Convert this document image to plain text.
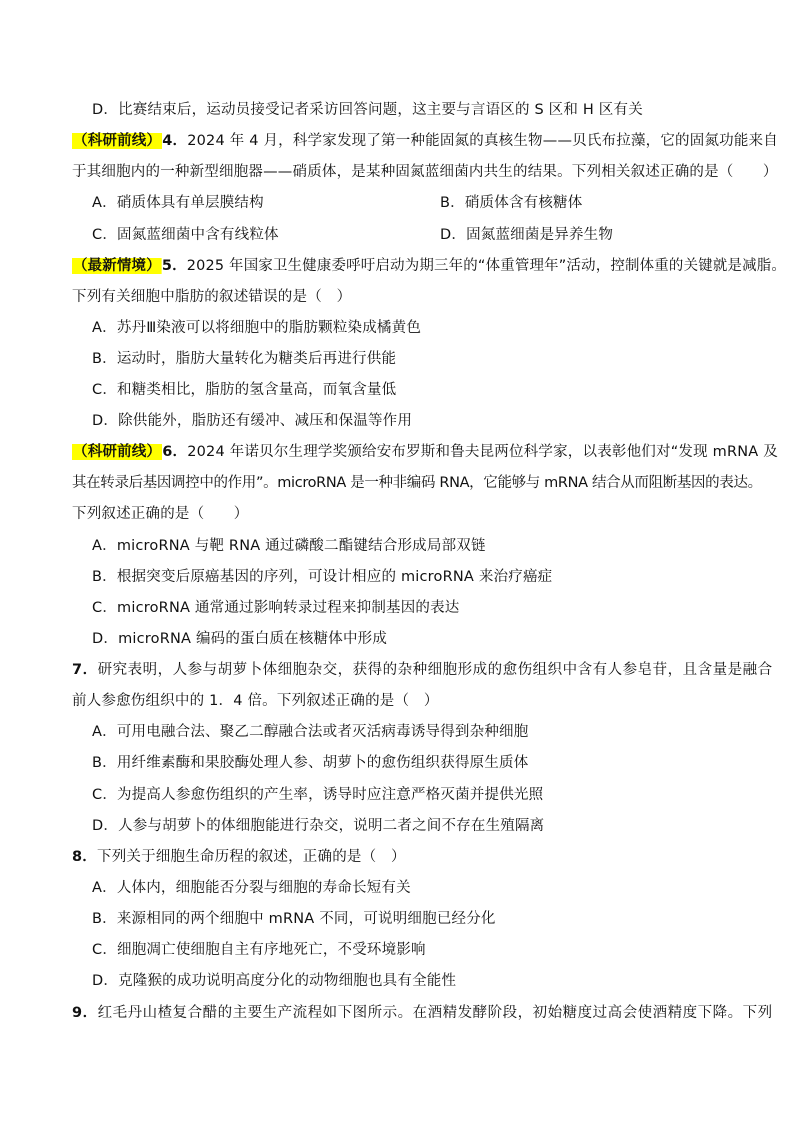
D．比赛结束后，运动员接受记者采访回答问题，这主要与言语区的 S 区和 H 区有关
（科研前线）4．2024 年 4 月，科学家发现了第一种能固氮的真核生物——贝氏布拉藻，它的固氮功能来自
于其细胞内的一种新型细胞器——硝质体，是某种固氮蓝细菌内共生的结果。下列相关叙述正确的是（　　）
A．硝质体具有单层膜结构	B．硝质体含有核糖体
C．固氮蓝细菌中含有线粒体	D．固氮蓝细菌是异养生物
（最新情境）5．2025 年国家卫生健康委呼吁启动为期三年的“体重管理年”活动，控制体重的关键就是减脂。
下列有关细胞中脂肪的叙述错误的是（　）
A．苏丹Ⅲ染液可以将细胞中的脂肪颗粒染成橘黄色
B．运动时，脂肪大量转化为糖类后再进行供能
C．和糖类相比，脂肪的氢含量高，而氧含量低
D．除供能外，脂肪还有缓冲、减压和保温等作用
（科研前线）6．2024 年诺贝尔生理学奖颁给安布罗斯和鲁夫昆两位科学家，以表彰他们对“发现 mRNA 及
其在转录后基因调控中的作用”。microRNA 是一种非编码 RNA，它能够与 mRNA 结合从而阻断基因的表达。
下列叙述正确的是（　　）
A．microRNA 与靶 RNA 通过磷酸二酯键结合形成局部双链
B．根据突变后原癌基因的序列，可设计相应的 microRNA 来治疗癌症
C．microRNA 通常通过影响转录过程来抑制基因的表达
D．microRNA 编码的蛋白质在核糖体中形成
7．研究表明，人参与胡萝卜体细胞杂交，获得的杂种细胞形成的愈伤组织中含有人参皂苷，且含量是融合
前人参愈伤组织中的 1．4 倍。下列叙述正确的是（　）
A．可用电融合法、聚乙二醇融合法或者灭活病毒诱导得到杂种细胞
B．用纤维素酶和果胶酶处理人参、胡萝卜的愈伤组织获得原生质体
C．为提高人参愈伤组织的产生率，诱导时应注意严格灭菌并提供光照
D．人参与胡萝卜的体细胞能进行杂交，说明二者之间不存在生殖隔离
8．下列关于细胞生命历程的叙述，正确的是（　）
A．人体内，细胞能否分裂与细胞的寿命长短有关
B．来源相同的两个细胞中 mRNA 不同，可说明细胞已经分化
C．细胞凋亡使细胞自主有序地死亡，不受环境影响
D．克隆猴的成功说明高度分化的动物细胞也具有全能性
9．红毛丹山楂复合醋的主要生产流程如下图所示。在酒精发酵阶段，初始糖度过高会使酒精度下降。下列
